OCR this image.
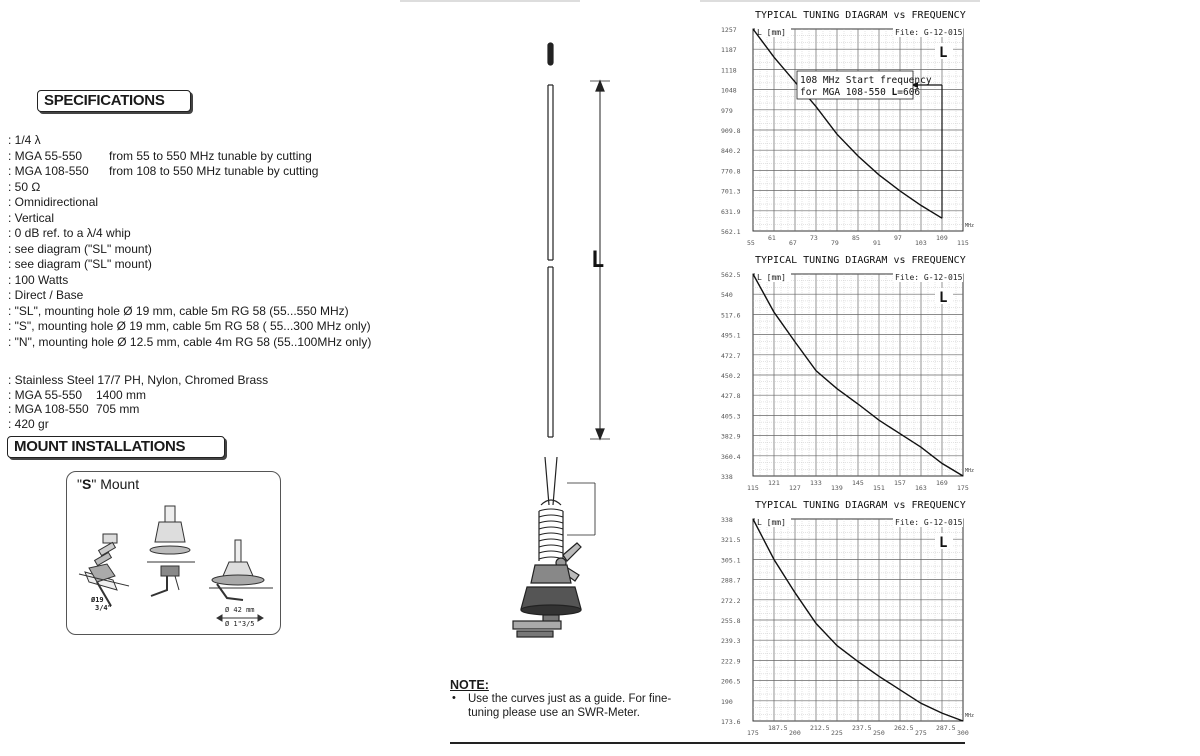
SPECIFICATIONS
: 1/4 λ
: MGA 55-550 from 55 to 550 MHz tunable by cutting
: MGA 108-550 from 108 to 550 MHz tunable by cutting
: 50 Ω
: Omnidirectional
: Vertical
: 0 dB ref. to a λ/4 whip
: see diagram ("SL" mount)
: see diagram ("SL" mount)
: 100 Watts
: Direct / Base
: "SL", mounting hole Ø 19 mm, cable 5m RG 58 (55...550 MHz)
: "S", mounting hole Ø 19 mm, cable 5m RG 58 ( 55...300 MHz only)
: "N", mounting hole Ø 12.5 mm, cable 4m RG 58 (55..100MHz only)
: Stainless Steel 17/7 PH, Nylon, Chromed Brass
: MGA 55-550 1400 mm
: MGA 108-550 705 mm
: 420 gr
MOUNT INSTALLATIONS
"S" Mount
Ø19
3/4"	Ø 42 mm
Ø 1"3/5
L
NOTE:
• Use the curves just as a guide. For fine-tuning please use an SWR-Meter.
TYPICAL TUNING DIAGRAM vs FREQUENCY
L [mm]	File: G-12-015
L
MHz
1257
1187
1118
1048
979
909.8
840.2
770.8
701.3
631.9
562.1
55
61
67
73
79
85
91
97
103
109
115
108 MHz Start frequency
for MGA 108-550 L=606
TYPICAL TUNING DIAGRAM vs FREQUENCY
L [mm]	File: G-12-015
L
MHz
562.5
540
517.6
495.1
472.7
450.2
427.8
405.3
382.9
360.4
338
115
121
127
133
139
145
151
157
163
169
175
TYPICAL TUNING DIAGRAM vs FREQUENCY
L [mm]	File: G-12-015
L
MHz
338
321.5
305.1
288.7
272.2
255.8
239.3
222.9
206.5
190
173.6
175
187.5
200
212.5
225
237.5
250
262.5
275
287.5
300
